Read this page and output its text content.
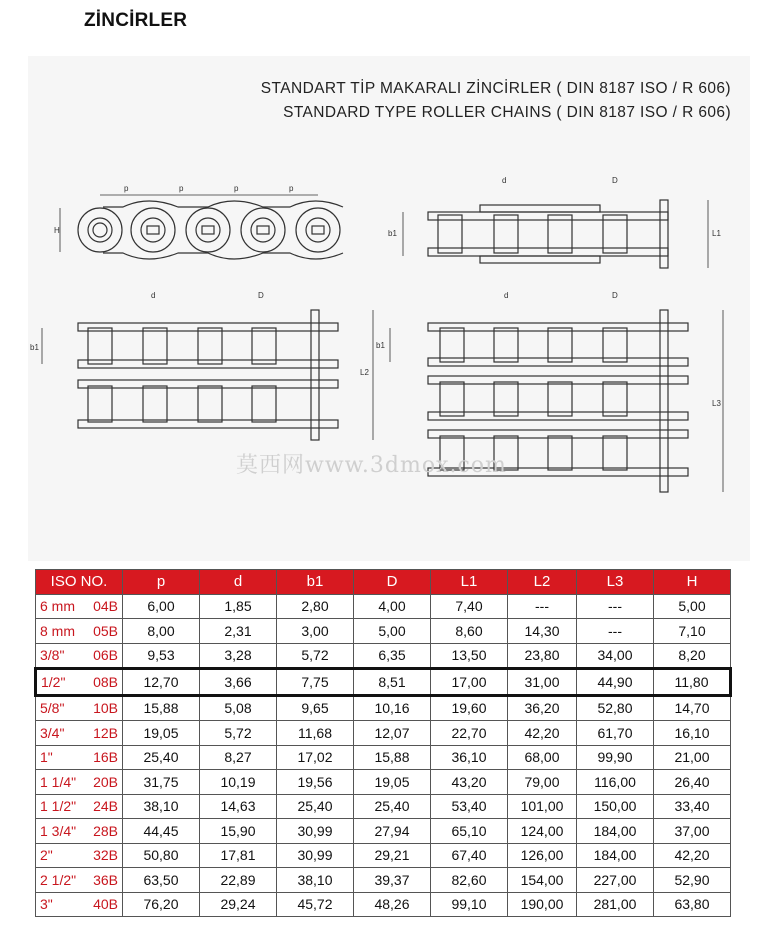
ZİNCİRLER
STANDART TİP MAKARALI ZİNCİRLER ( DIN 8187 ISO / R 606)
STANDARD TYPE ROLLER CHAINS ( DIN 8187 ISO / R 606)
p	p	p	p
H
d	D
b1	L1
d	D
b1
L2
d	D
b1
L3
莫西网www.3dmox.com
ISO NO.	p	d	b1	D	L1	L2	L3	H
6 mm 04B	6,00	1,85	2,80	4,00	7,40	---	---	5,00
8 mm 05B	8,00	2,31	3,00	5,00	8,60	14,30	---	7,10
3/8" 06B	9,53	3,28	5,72	6,35	13,50	23,80	34,00	8,20
1/2" 08B	12,70	3,66	7,75	8,51	17,00	31,00	44,90	11,80
5/8" 10B	15,88	5,08	9,65	10,16	19,60	36,20	52,80	14,70
3/4" 12B	19,05	5,72	11,68	12,07	22,70	42,20	61,70	16,10
1" 16B	25,40	8,27	17,02	15,88	36,10	68,00	99,90	21,00
1 1/4" 20B	31,75	10,19	19,56	19,05	43,20	79,00	116,00	26,40
1 1/2" 24B	38,10	14,63	25,40	25,40	53,40	101,00	150,00	33,40
1 3/4" 28B	44,45	15,90	30,99	27,94	65,10	124,00	184,00	37,00
2" 32B	50,80	17,81	30,99	29,21	67,40	126,00	184,00	42,20
2 1/2" 36B	63,50	22,89	38,10	39,37	82,60	154,00	227,00	52,90
3" 40B	76,20	29,24	45,72	48,26	99,10	190,00	281,00	63,80
